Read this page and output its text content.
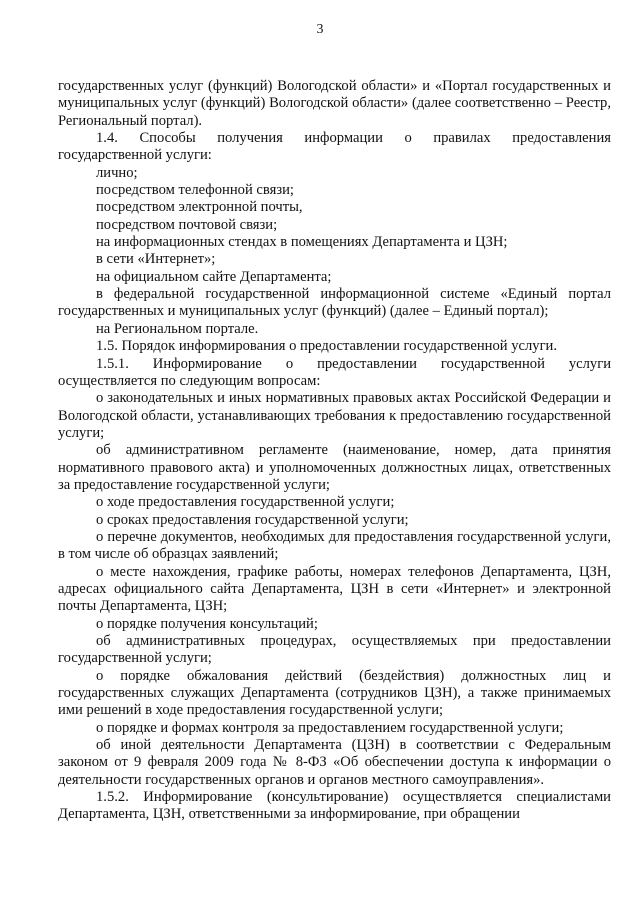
3

государственных услуг (функций) Вологодской области» и «Портал государственных и муниципальных услуг (функций) Вологодской области» (далее соответственно – Реестр, Региональный портал).

1.4. Способы получения информации о правилах предоставления государственной услуги:

лично;

посредством телефонной связи;

посредством электронной почты,

посредством почтовой связи;

на информационных стендах в помещениях Департамента и ЦЗН;

в сети «Интернет»;

на официальном сайте Департамента;

в федеральной государственной информационной системе «Единый портал государственных и муниципальных услуг (функций) (далее – Единый портал);

на Региональном портале.

1.5. Порядок информирования о предоставлении государственной услуги.

1.5.1. Информирование о предоставлении государственной услуги осуществляется по следующим вопросам:

о законодательных и иных нормативных правовых актах Российской Федерации и Вологодской области, устанавливающих требования к предоставлению государственной услуги;

об административном регламенте (наименование, номер, дата принятия нормативного правового акта) и уполномоченных должностных лицах, ответственных за предоставление государственной услуги;

о ходе предоставления государственной услуги;

о сроках предоставления государственной услуги;

о перечне документов, необходимых для предоставления государственной услуги, в том числе об образцах заявлений;

о месте нахождения, графике работы, номерах телефонов Департамента, ЦЗН, адресах официального сайта Департамента, ЦЗН в сети «Интернет» и электронной почты Департамента, ЦЗН;

о порядке получения консультаций;

об административных процедурах, осуществляемых при предоставлении государственной услуги;

о порядке обжалования действий (бездействия) должностных лиц и государственных служащих Департамента (сотрудников ЦЗН), а также принимаемых ими решений в ходе предоставления государственной услуги;

о порядке и формах контроля за предоставлением государственной услуги;

об иной деятельности Департамента (ЦЗН) в соответствии с Федеральным законом от 9 февраля 2009 года № 8-ФЗ «Об обеспечении доступа к информации о деятельности государственных органов и органов местного самоуправления».

1.5.2. Информирование (консультирование) осуществляется специалистами Департамента, ЦЗН, ответственными за информирование, при обращении
